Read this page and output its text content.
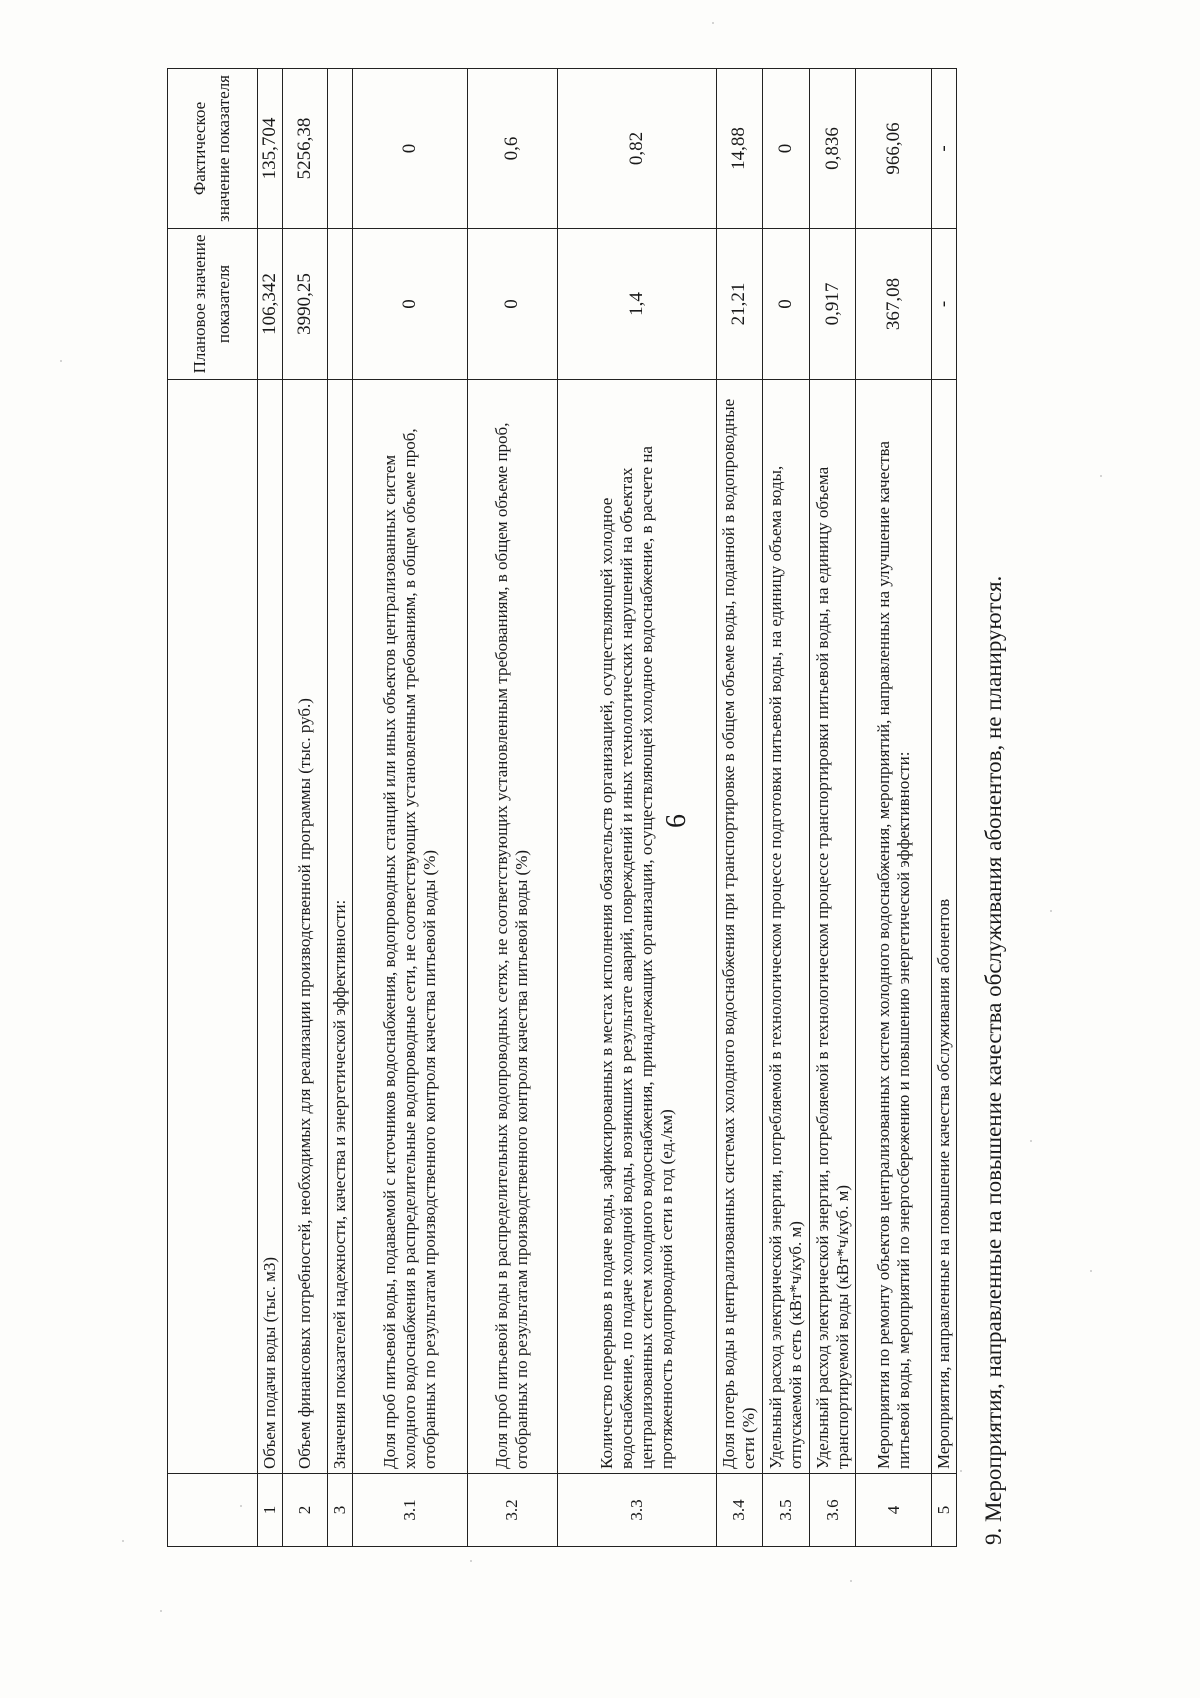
6
		Плановое значение показателя	Фактическое значение показателя
1	Объем подачи воды (тыс. м3)	106,342	135,704
2	Объем финансовых потребностей, необходимых для реализации производственной программы (тыс. руб.)	3990,25	5256,38
3	Значения показателей надежности, качества и энергетической эффективности:		
3.1	Доля проб питьевой воды, подаваемой с источников водоснабжения, водопроводных станций или иных объектов централизованных систем холодного водоснабжения в распределительные водопроводные сети, не соответствующих установленным требованиям, в общем объеме проб, отобранных по результатам производственного контроля качества питьевой воды (%)	0	0
3.2	Доля проб питьевой воды в распределительных водопроводных сетях, не соответствующих установленным требованиям, в общем объеме проб, отобранных по результатам производственного контроля качества питьевой воды (%)	0	0,6
3.3	Количество перерывов в подаче воды, зафиксированных в местах исполнения обязательств организацией, осуществляющей холодное водоснабжение, по подаче холодной воды, возникших в результате аварий, повреждений и иных технологических нарушений на объектах централизованных систем холодного водоснабжения, принадлежащих организации, осуществляющей холодное водоснабжение, в расчете на протяженность водопроводной сети в год (ед./км)	1,4	0,82
3.4	Доля потерь воды в централизованных системах холодного водоснабжения при транспортировке в общем объеме воды, поданной в водопроводные сети (%)	21,21	14,88
3.5	Удельный расход электрической энергии, потребляемой в технологическом процессе подготовки питьевой воды, на единицу объема воды, отпускаемой в сеть (кВт*ч/куб. м)	0	0
3.6	Удельный расход электрической энергии, потребляемой в технологическом процессе транспортировки питьевой воды, на единицу объема транспортируемой воды (кВт*ч/куб. м)	0,917	0,836
4	Мероприятия по ремонту объектов централизованных систем холодного водоснабжения, мероприятий, направленных на улучшение качества питьевой воды, мероприятий по энергосбережению и повышению энергетической эффективности:	367,08	966,06
5	Мероприятия, направленные на повышение качества обслуживания абонентов	-	-
9. Мероприятия, направленные на повышение качества обслуживания абонентов, не планируются.
